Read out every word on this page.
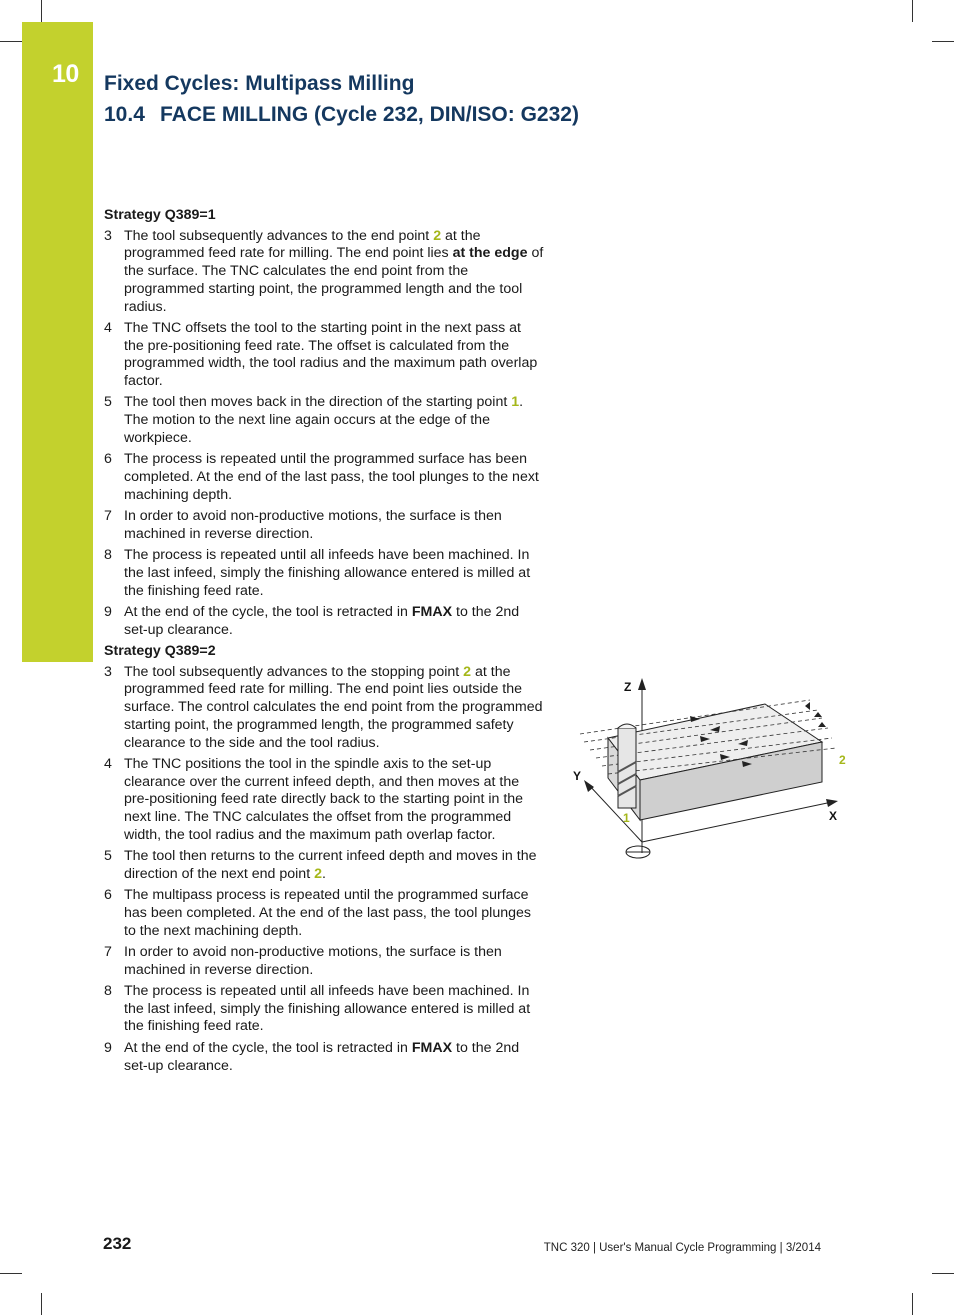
10 Fixed Cycles: Multipass Milling
10.4 FACE MILLING (Cycle 232, DIN/ISO: G232)
Strategy Q389=1
3 The tool subsequently advances to the end point 2 at the programmed feed rate for milling. The end point lies at the edge of the surface. The TNC calculates the end point from the programmed starting point, the programmed length and the tool radius.
4 The TNC offsets the tool to the starting point in the next pass at the pre-positioning feed rate. The offset is calculated from the programmed width, the tool radius and the maximum path overlap factor.
5 The tool then moves back in the direction of the starting point 1. The motion to the next line again occurs at the edge of the workpiece.
6 The process is repeated until the programmed surface has been completed. At the end of the last pass, the tool plunges to the next machining depth.
7 In order to avoid non-productive motions, the surface is then machined in reverse direction.
8 The process is repeated until all infeeds have been machined. In the last infeed, simply the finishing allowance entered is milled at the finishing feed rate.
9 At the end of the cycle, the tool is retracted in FMAX to the 2nd set-up clearance.
Strategy Q389=2
3 The tool subsequently advances to the stopping point 2 at the programmed feed rate for milling. The end point lies outside the surface. The control calculates the end point from the programmed starting point, the programmed length, the programmed safety clearance to the side and the tool radius.
4 The TNC positions the tool in the spindle axis to the set-up clearance over the current infeed depth, and then moves at the pre-positioning feed rate directly back to the starting point in the next line. The TNC calculates the offset from the programmed width, the tool radius and the maximum path overlap factor.
5 The tool then returns to the current infeed depth and moves in the direction of the next end point 2.
6 The multipass process is repeated until the programmed surface has been completed. At the end of the last pass, the tool plunges to the next machining depth.
7 In order to avoid non-productive motions, the surface is then machined in reverse direction.
8 The process is repeated until all infeeds have been machined. In the last infeed, simply the finishing allowance entered is milled at the finishing feed rate.
9 At the end of the cycle, the tool is retracted in FMAX to the 2nd set-up clearance.
Z
Y
X
1
2
232	TNC 320 | User's Manual Cycle Programming | 3/2014
